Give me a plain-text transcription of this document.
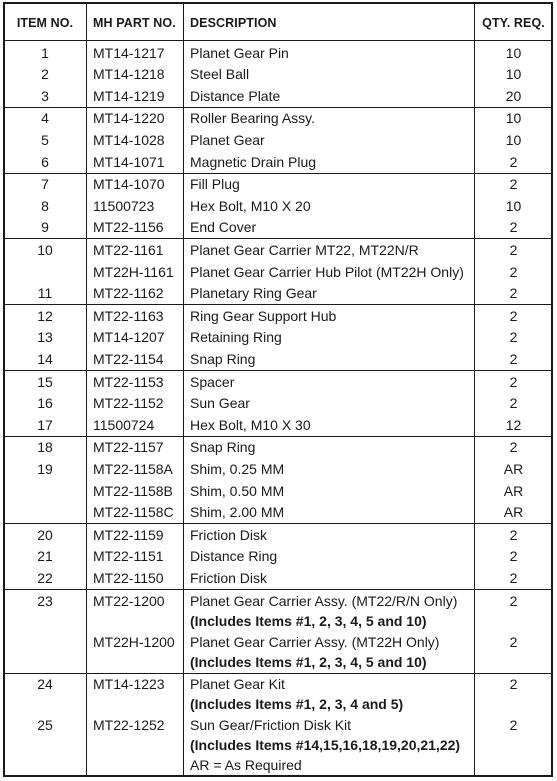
ITEM NO.	MH PART NO. DESCRIPTION	QTY. REQ.
1	MT14-1217 Planet Gear Pin	10
2	MT14-1218 Steel Ball	10
3	MT14-1219 Distance Plate	20
4	MT14-1220 Roller Bearing Assy.	10
5	MT14-1028 Planet Gear	10
6	MT14-1071 Magnetic Drain Plug	2
7	MT14-1070 Fill Plug	2
8	11500723	Hex Bolt, M10 X 20	10
9	MT22-1156 End Cover	2
10	MT22-1161 Planet Gear Carrier MT22, MT22N/R	2
MT22H-1161 Planet Gear Carrier Hub Pilot (MT22H Only)	2
11	MT22-1162 Planetary Ring Gear	2
12	MT22-1163 Ring Gear Support Hub	2
13	MT14-1207 Retaining Ring	2
14	MT22-1154 Snap Ring	2
15	MT22-1153 Spacer	2
16	MT22-1152 Sun Gear	2
17	11500724	Hex Bolt, M10 X 30	12
18	MT22-1157 Snap Ring	2
19	MT22-1158A Shim, 0.25 MM	AR
MT22-1158B Shim, 0.50 MM	AR
MT22-1158C Shim, 2.00 MM	AR
20	MT22-1159 Friction Disk	2
21	MT22-1151 Distance Ring	2
22	MT22-1150 Friction Disk	2
23	MT22-1200 Planet Gear Carrier Assy. (MT22/R/N Only)	2
(Includes Items #1, 2, 3, 4, 5 and 10)
MT22H-1200 Planet Gear Carrier Assy. (MT22H Only)	2
(Includes Items #1, 2, 3, 4, 5 and 10)
24	MT14-1223 Planet Gear Kit	2
(Includes Items #1, 2, 3, 4 and 5)
25	MT22-1252 Sun Gear/Friction Disk Kit	2
(Includes Items #14,15,16,18,19,20,21,22)
AR = As Required
